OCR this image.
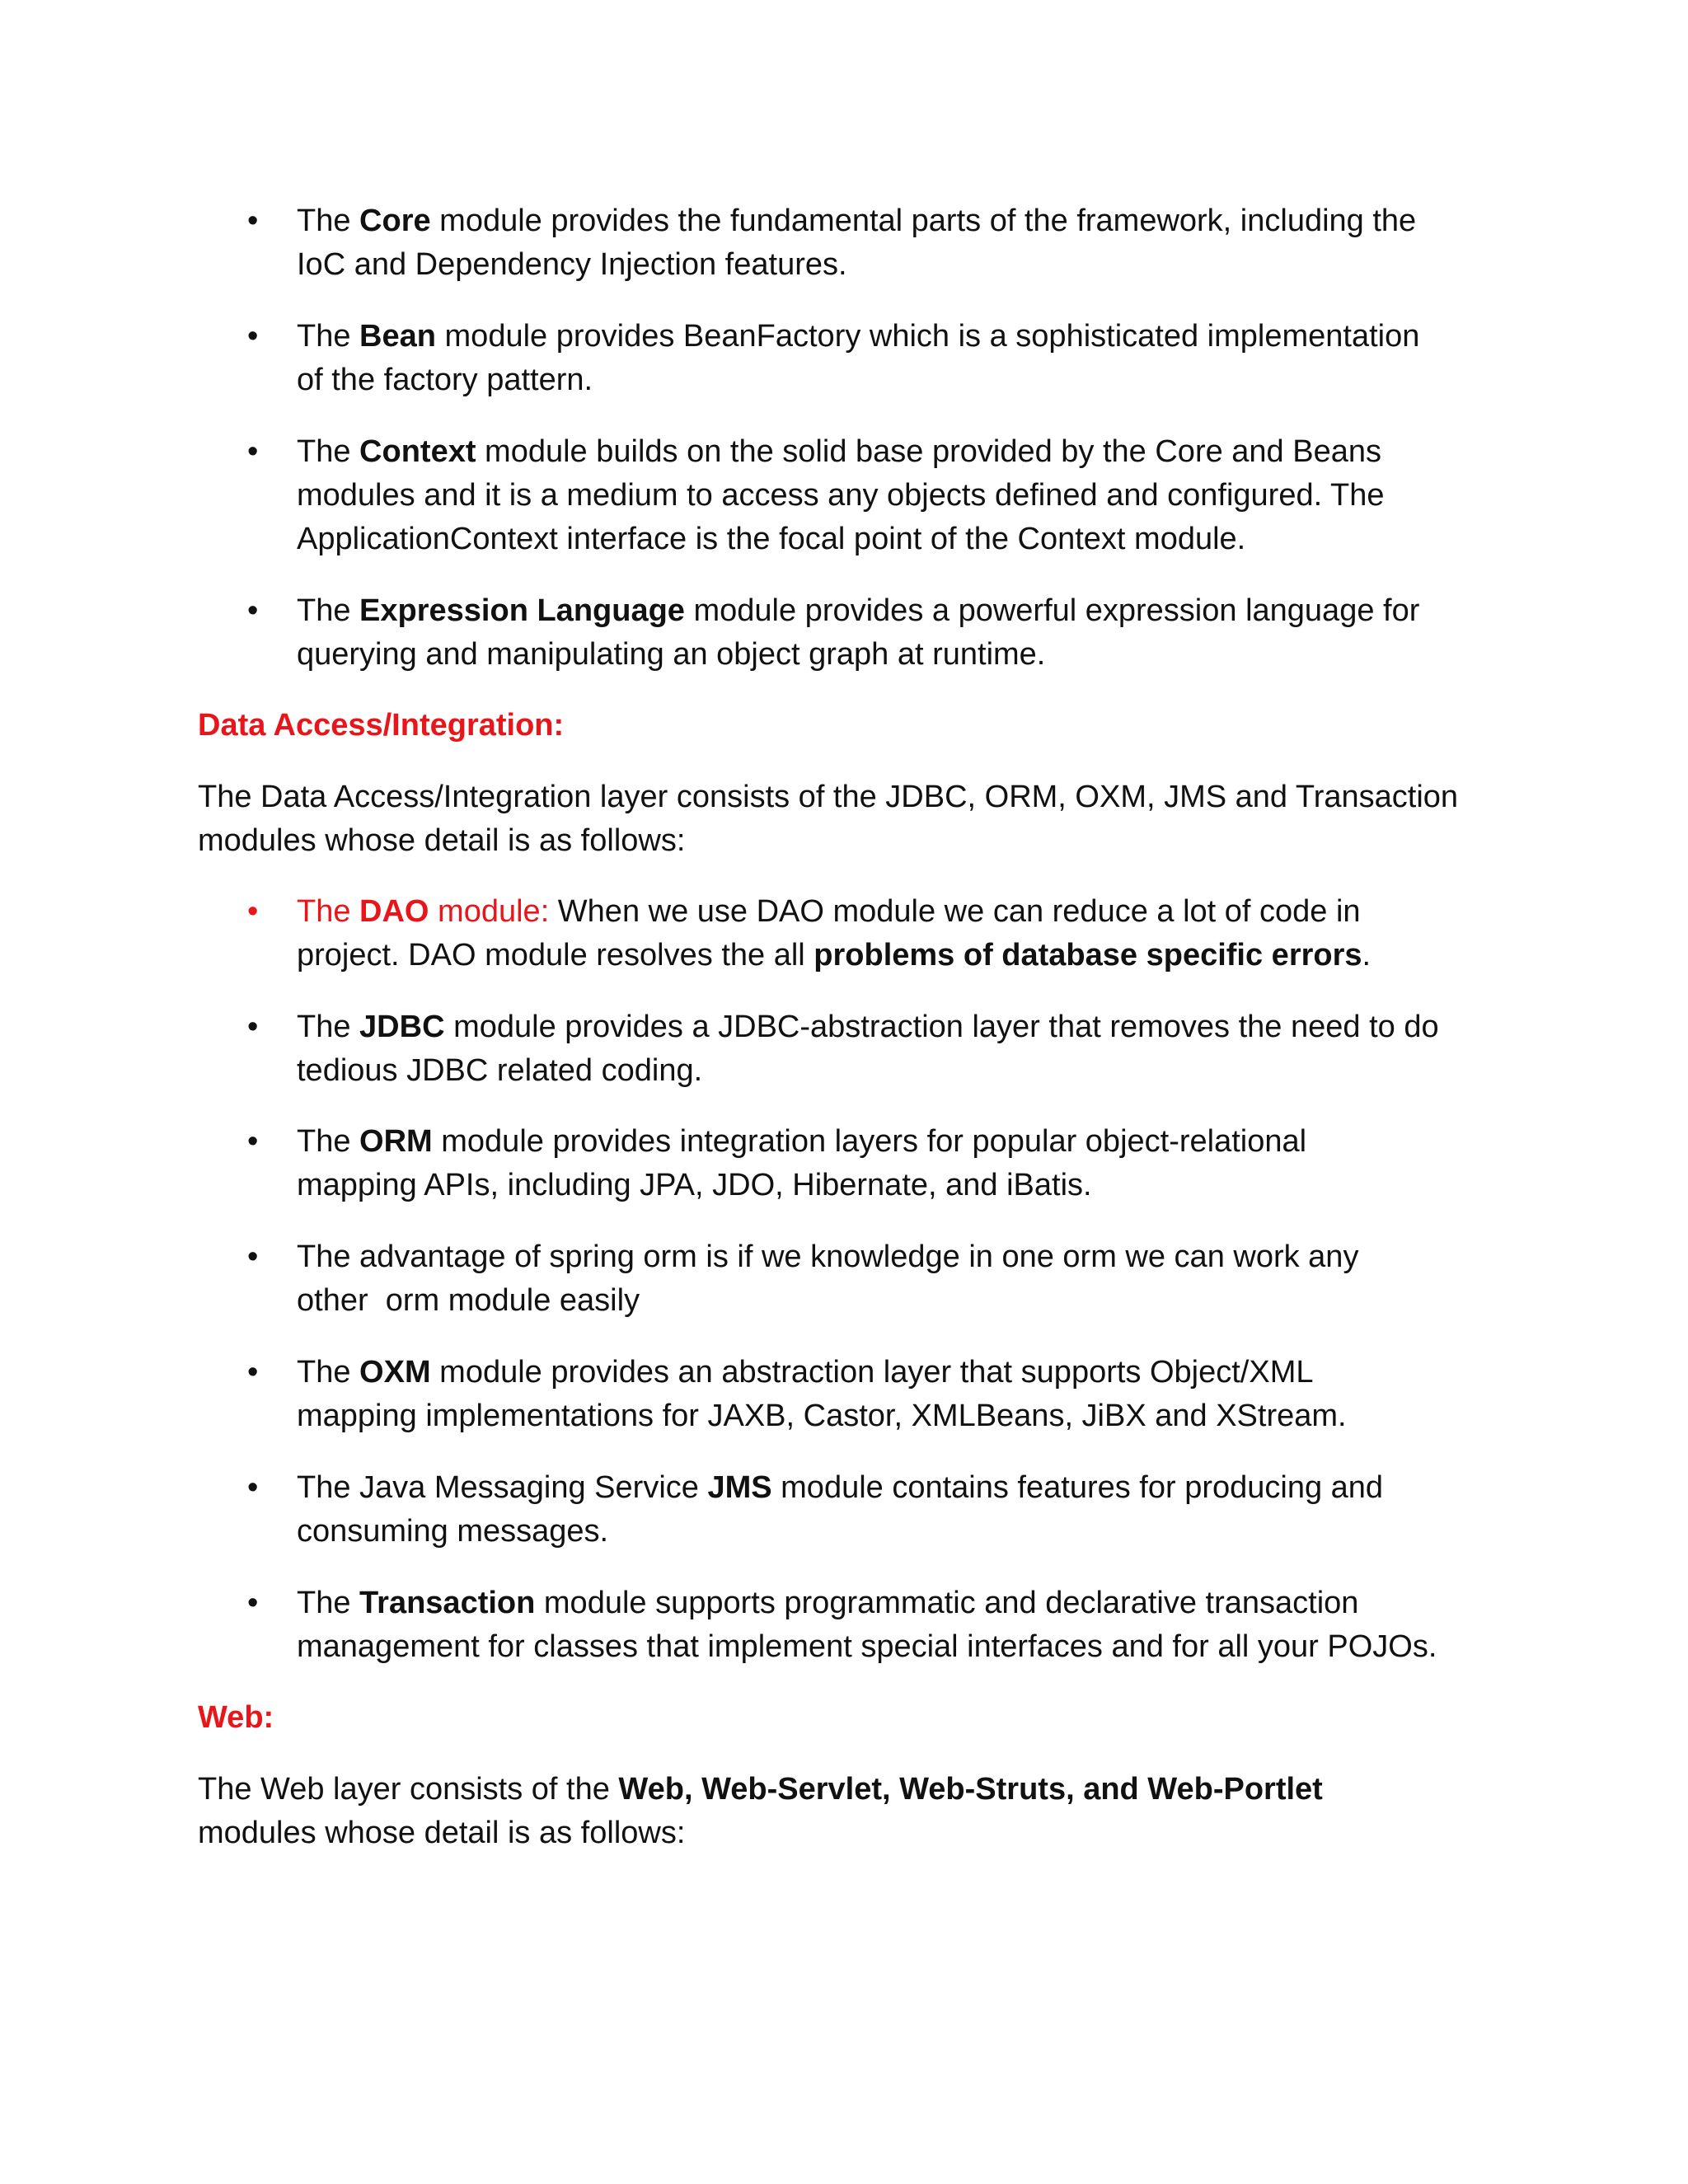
• The Core module provides the fundamental parts of the framework, including the
IoC and Dependency Injection features.
• The Bean module provides BeanFactory which is a sophisticated implementation
of the factory pattern.
• The Context module builds on the solid base provided by the Core and Beans
modules and it is a medium to access any objects defined and configured. The
ApplicationContext interface is the focal point of the Context module.
• The Expression Language module provides a powerful expression language for
querying and manipulating an object graph at runtime.
Data Access/Integration:
The Data Access/Integration layer consists of the JDBC, ORM, OXM, JMS and Transaction
modules whose detail is as follows:
• The DAO module: When we use DAO module we can reduce a lot of code in
project. DAO module resolves the all problems of database specific errors.
• The JDBC module provides a JDBC-abstraction layer that removes the need to do
tedious JDBC related coding.
• The ORM module provides integration layers for popular object-relational
mapping APIs, including JPA, JDO, Hibernate, and iBatis.
• The advantage of spring orm is if we knowledge in one orm we can work any
other  orm module easily
• The OXM module provides an abstraction layer that supports Object/XML
mapping implementations for JAXB, Castor, XMLBeans, JiBX and XStream.
• The Java Messaging Service JMS module contains features for producing and
consuming messages.
• The Transaction module supports programmatic and declarative transaction
management for classes that implement special interfaces and for all your POJOs.
Web:
The Web layer consists of the Web, Web-Servlet, Web-Struts, and Web-Portlet
modules whose detail is as follows:
